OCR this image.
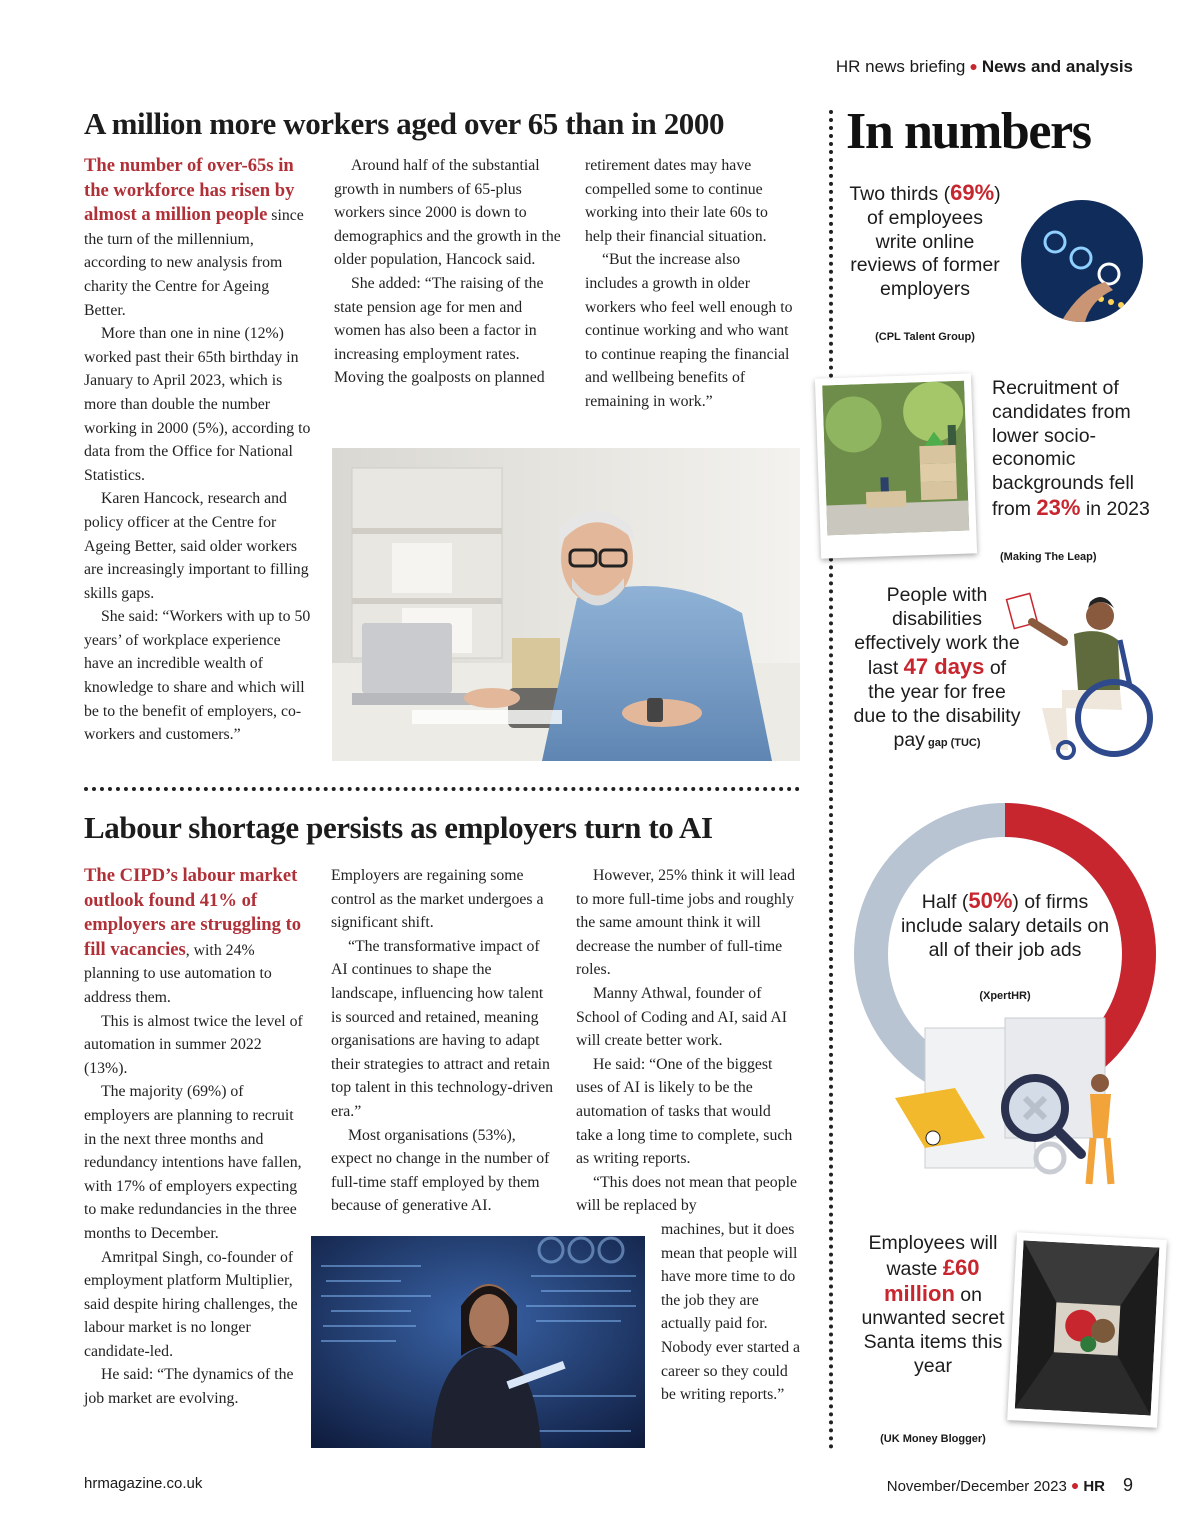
HR news briefing ● News and analysis
A million more workers aged over 65 than in 2000

The number of over-65s in the workforce has risen by almost a million people since the turn of the millennium, according to new analysis from charity the Centre for Ageing Better.

More than one in nine (12%) worked past their 65th birthday in January to April 2023, which is more than double the number working in 2000 (5%), according to data from the Office for National Statistics.

Karen Hancock, research and policy officer at the Centre for Ageing Better, said older workers are increasingly important to filling skills gaps.

She said: “Workers with up to 50 years’ of workplace experience have an incredible wealth of knowledge to share and which will be to the benefit of employers, co-workers and customers.”

Around half of the substantial growth in numbers of 65-plus workers since 2000 is down to demographics and the growth in the older population, Hancock said.

She added: “The raising of the state pension age for men and women has also been a factor in increasing employment rates. Moving the goalposts on planned

retirement dates may have compelled some to continue working into their late 60s to help their financial situation.

“But the increase also includes a growth in older workers who feel well enough to continue working and who want to continue reaping the financial and wellbeing benefits of remaining in work.”

Labour shortage persists as employers turn to AI

The CIPD’s labour market outlook found 41% of employers are struggling to fill vacancies, with 24% planning to use automation to address them.

This is almost twice the level of automation in summer 2022 (13%).

The majority (69%) of employers are planning to recruit in the next three months and redundancy intentions have fallen, with 17% of employers expecting to make redundancies in the three months to December.

Amritpal Singh, co-founder of employment platform Multiplier, said despite hiring challenges, the labour market is no longer candidate-led.

He said: “The dynamics of the job market are evolving.

Employers are regaining some control as the market undergoes a significant shift.

“The transformative impact of AI continues to shape the landscape, influencing how talent is sourced and retained, meaning organisations are having to adapt their strategies to attract and retain top talent in this technology-driven era.”

Most organisations (53%), expect no change in the number of full-time staff employed by them because of generative AI.

However, 25% think it will lead to more full-time jobs and roughly the same amount think it will decrease the number of full-time roles.

Manny Athwal, founder of School of Coding and AI, said AI will create better work.

He said: “One of the biggest uses of AI is likely to be the automation of tasks that would take a long time to complete, such as writing reports.

“This does not mean that people will be replaced by

machines, but it does mean that people will have more time to do the job they are actually paid for. Nobody ever started a career so they could be writing reports.”

In numbers
Two thirds (69%) of employees write online reviews of former employers
(CPL Talent Group)
Recruitment of candidates from lower socio-economic backgrounds fell from 23% in 2023
(Making The Leap)
People with disabilities effectively work the last 47 days of the year for free due to the disability pay gap (TUC)
Half (50%) of firms include salary details on all of their job ads
(XpertHR)
Employees will waste £60 million on unwanted secret Santa items this year
(UK Money Blogger)
hrmagazine.co.uk	November/December 2023 ● HR 9
